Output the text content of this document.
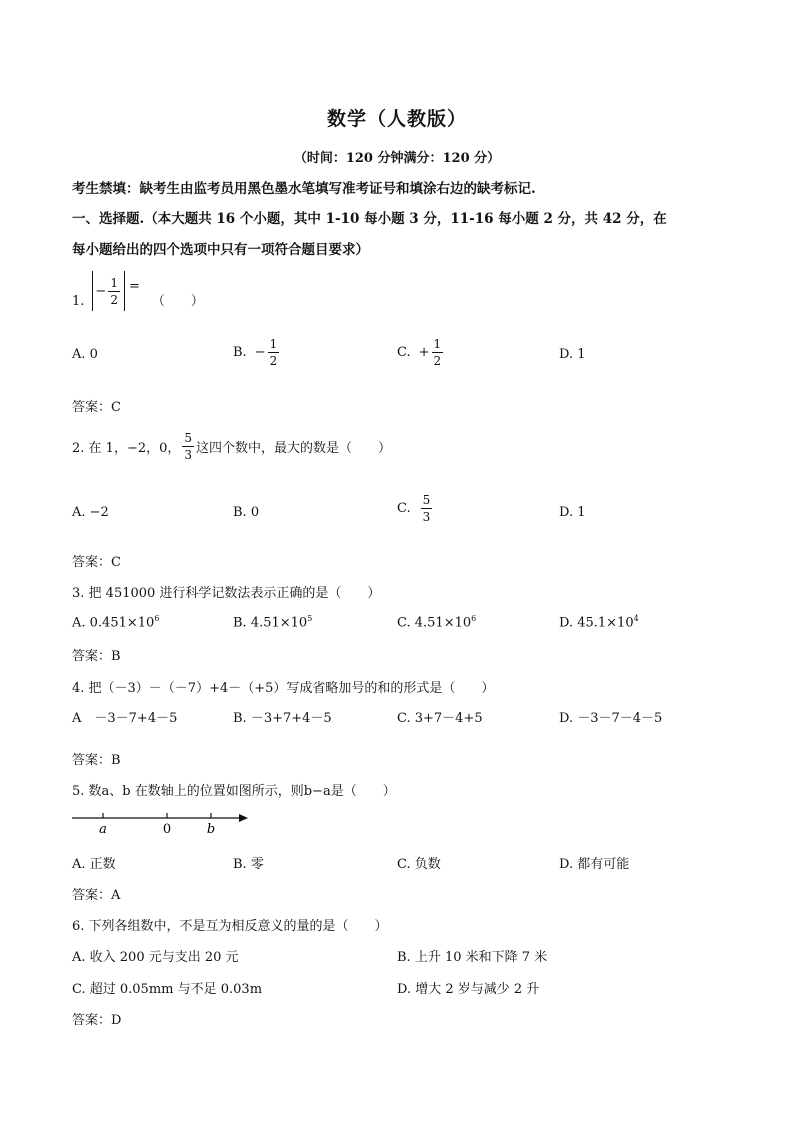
数学（人教版）
（时间：120 分钟满分：120 分）
考生禁填：缺考生由监考员用黑色墨水笔填写准考证号和填涂右边的缺考标记.
一、选择题.（本大题共 16 个小题，其中 1-10 每小题 3 分，11-16 每小题 2 分，共 42 分，在
每小题给出的四个选项中只有一项符合题目要求）
1.
− $\frac{1}{2}$ =
（　　）
A. 0	B. − $\frac{1}{2}$	C. + $\frac{1}{2}$	D. 1
答案：C
2. 在 1，−2，0， $\frac{5}{3}$ 这四个数中，最大的数是（　　）
A. −2	B. 0	C. $\frac{5}{3}$	D. 1
答案：C
3. 把 451000 进行科学记数法表示正确的是（　　）
A. $0.451\times 10^6$	B. $4.51\times 10^5$	C. $4.51\times 10^6$	D. $45.1\times 10^4$
答案：B
4. 把（－3）－（－7）+4－（+5）写成省略加号的和的形式是（　　）
A　－3－7+4－5	B. －3+7+4－5	C. 3+7－4+5	D. －3－7－4－5
答案：B
5. 数a、b 在数轴上的位置如图所示，则b−a是（　　）
a	0	b
A. 正数	B. 零	C. 负数	D. 都有可能
答案：A
6. 下列各组数中，不是互为相反意义的量的是（　　）
A. 收入 200 元与支出 20 元	B. 上升 10 米和下降 7 米
C. 超过 0.05mm 与不足 0.03m	D. 增大 2 岁与减少 2 升
答案：D
